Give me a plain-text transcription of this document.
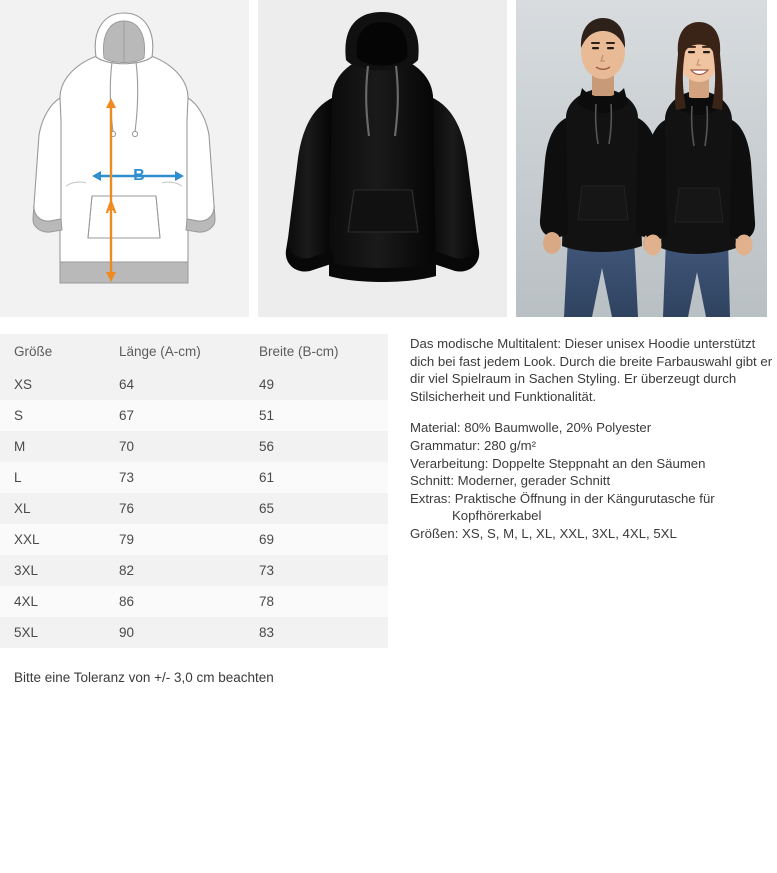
B
A
Größe	Länge (A-cm)	Breite (B-cm)
XS	64	49
S	67	51
M	70	56
L	73	61
XL	76	65
XXL	79	69
3XL	82	73
4XL	86	78
5XL	90	83
Bitte eine Toleranz von +/- 3,0 cm beachten

Das modische Multitalent: Dieser unisex Hoodie unterstützt dich bei fast jedem Look. Durch die breite Farbauswahl gibt er dir viel Spielraum in Sachen Styling. Er überzeugt durch Stilsicherheit und Funktionalität.

Material: 80% Baumwolle, 20% Polyester
Grammatur: 280 g/m²
Verarbeitung: Doppelte Steppnaht an den Säumen
Schnitt: Moderner, gerader Schnitt
Extras: Praktische Öffnung in der Kängurutasche für
Kopfhörerkabel
Größen: XS, S, M, L, XL, XXL, 3XL, 4XL, 5XL
